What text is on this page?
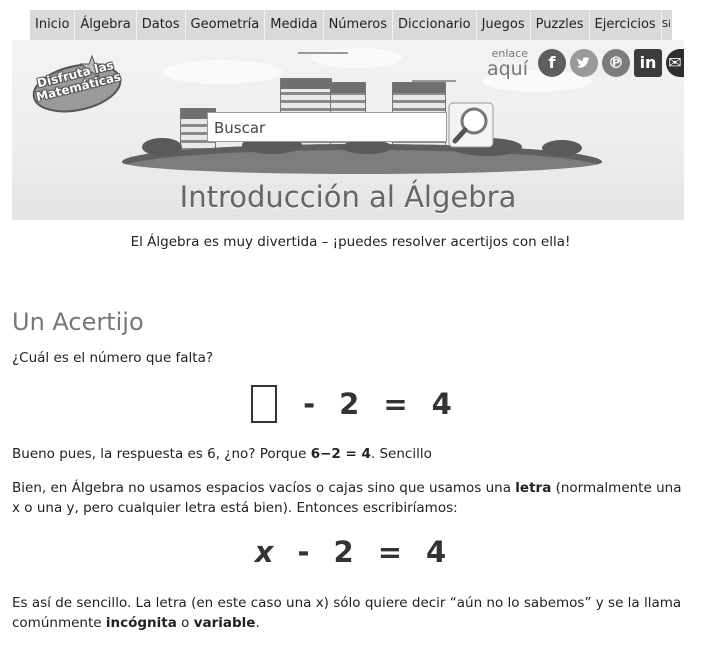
Inicio Álgebra Datos Geometría Medida Números Diccionario Juegos Puzzles Ejercicios Si
Disfruta las Matemáticas
enlace
aquí	f	℗ in ✉
Buscar
Introducción al Álgebra

El Álgebra es muy divertida – ¡puedes resolver acertijos con ella!

Un Acertijo

¿Cuál es el número que falta?

- 2 = 4

Bueno pues, la respuesta es 6, ¿no? Porque 6−2 = 4. Sencillo

Bien, en Álgebra no usamos espacios vacíos o cajas sino que usamos una letra (normalmente una x o una y, pero cualquier letra está bien). Entonces escribiríamos:

x - 2 = 4

Es así de sencillo. La letra (en este caso una x) sólo quiere decir “aún no lo sabemos” y se la llama comúnmente incógnita o variable.
